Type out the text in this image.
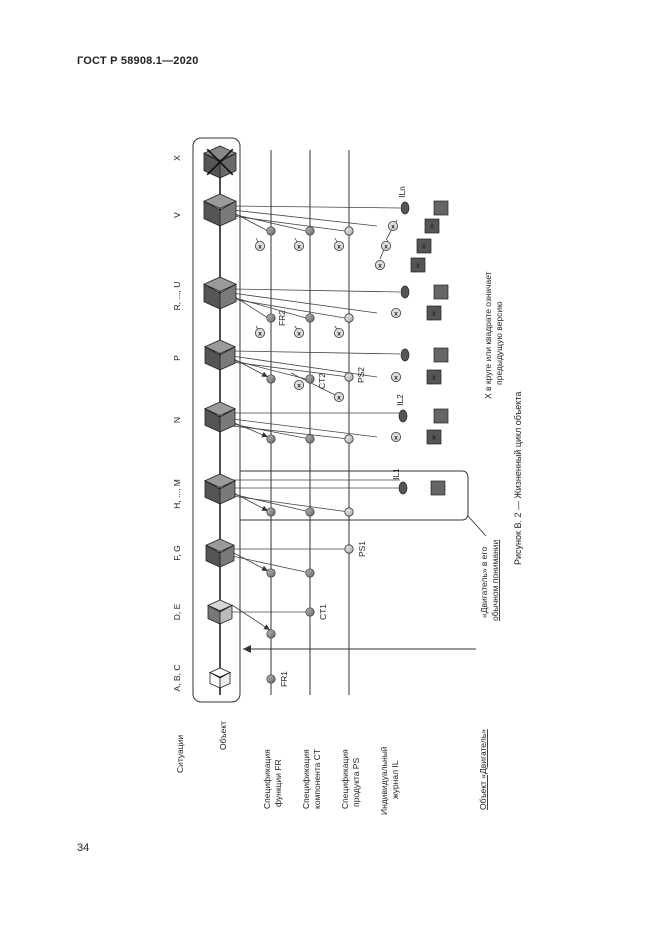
ГОСТ Р 58908.1—2020
x	x
x	x
x
x
x	x
x	x	x
x	x
x	x
x	x
x	x	x
Ситуации	Объект
Спецификация функции FR Спецификация компонента CT Спецификация продукта PS Индивидуальный журнал IL	Объект «Двигатель»
«Двигатель» в его обычном понимании
Рисунок В. 2 — Жизненный цикл объекта
X в круге или квадрате означает предыдущую версию
A, B, C
D, E
F, G
H, ..., M
N
P
R, ..., U
V
X
FR1
CT1
PS1
IL1
IL2
CT2	PS2
FR2
ILn
34
